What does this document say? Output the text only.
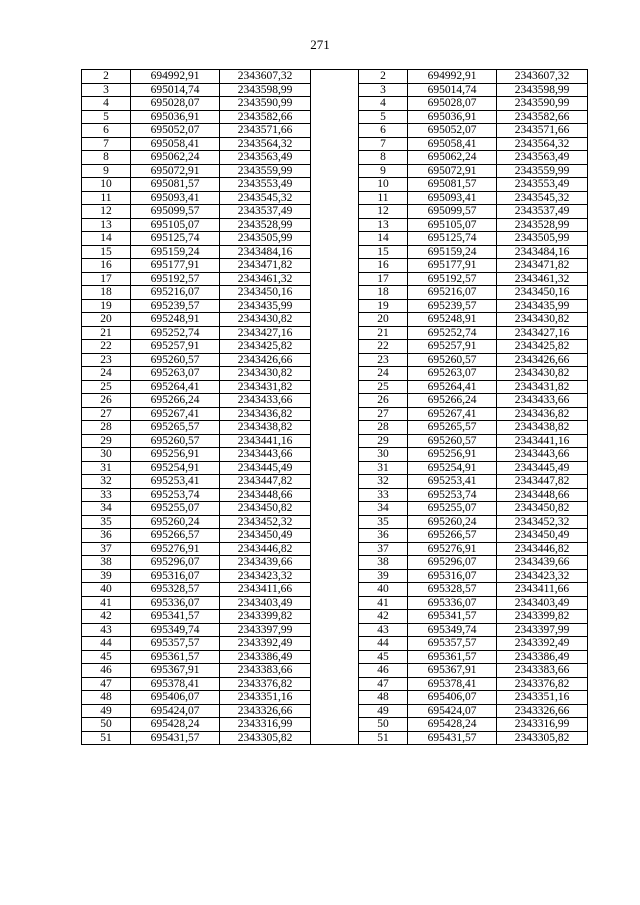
271
2	694992,91	2343607,32		2	694992,91	2343607,32
3	695014,74	2343598,99		3	695014,74	2343598,99
4	695028,07	2343590,99		4	695028,07	2343590,99
5	695036,91	2343582,66		5	695036,91	2343582,66
6	695052,07	2343571,66		6	695052,07	2343571,66
7	695058,41	2343564,32		7	695058,41	2343564,32
8	695062,24	2343563,49		8	695062,24	2343563,49
9	695072,91	2343559,99		9	695072,91	2343559,99
10	695081,57	2343553,49		10	695081,57	2343553,49
11	695093,41	2343545,32		11	695093,41	2343545,32
12	695099,57	2343537,49		12	695099,57	2343537,49
13	695105,07	2343528,99		13	695105,07	2343528,99
14	695125,74	2343505,99		14	695125,74	2343505,99
15	695159,24	2343484,16		15	695159,24	2343484,16
16	695177,91	2343471,82		16	695177,91	2343471,82
17	695192,57	2343461,32		17	695192,57	2343461,32
18	695216,07	2343450,16		18	695216,07	2343450,16
19	695239,57	2343435,99		19	695239,57	2343435,99
20	695248,91	2343430,82		20	695248,91	2343430,82
21	695252,74	2343427,16		21	695252,74	2343427,16
22	695257,91	2343425,82		22	695257,91	2343425,82
23	695260,57	2343426,66		23	695260,57	2343426,66
24	695263,07	2343430,82		24	695263,07	2343430,82
25	695264,41	2343431,82		25	695264,41	2343431,82
26	695266,24	2343433,66		26	695266,24	2343433,66
27	695267,41	2343436,82		27	695267,41	2343436,82
28	695265,57	2343438,82		28	695265,57	2343438,82
29	695260,57	2343441,16		29	695260,57	2343441,16
30	695256,91	2343443,66		30	695256,91	2343443,66
31	695254,91	2343445,49		31	695254,91	2343445,49
32	695253,41	2343447,82		32	695253,41	2343447,82
33	695253,74	2343448,66		33	695253,74	2343448,66
34	695255,07	2343450,82		34	695255,07	2343450,82
35	695260,24	2343452,32		35	695260,24	2343452,32
36	695266,57	2343450,49		36	695266,57	2343450,49
37	695276,91	2343446,82		37	695276,91	2343446,82
38	695296,07	2343439,66		38	695296,07	2343439,66
39	695316,07	2343423,32		39	695316,07	2343423,32
40	695328,57	2343411,66		40	695328,57	2343411,66
41	695336,07	2343403,49		41	695336,07	2343403,49
42	695341,57	2343399,82		42	695341,57	2343399,82
43	695349,74	2343397,99		43	695349,74	2343397,99
44	695357,57	2343392,49		44	695357,57	2343392,49
45	695361,57	2343386,49		45	695361,57	2343386,49
46	695367,91	2343383,66		46	695367,91	2343383,66
47	695378,41	2343376,82		47	695378,41	2343376,82
48	695406,07	2343351,16		48	695406,07	2343351,16
49	695424,07	2343326,66		49	695424,07	2343326,66
50	695428,24	2343316,99		50	695428,24	2343316,99
51	695431,57	2343305,82		51	695431,57	2343305,82
